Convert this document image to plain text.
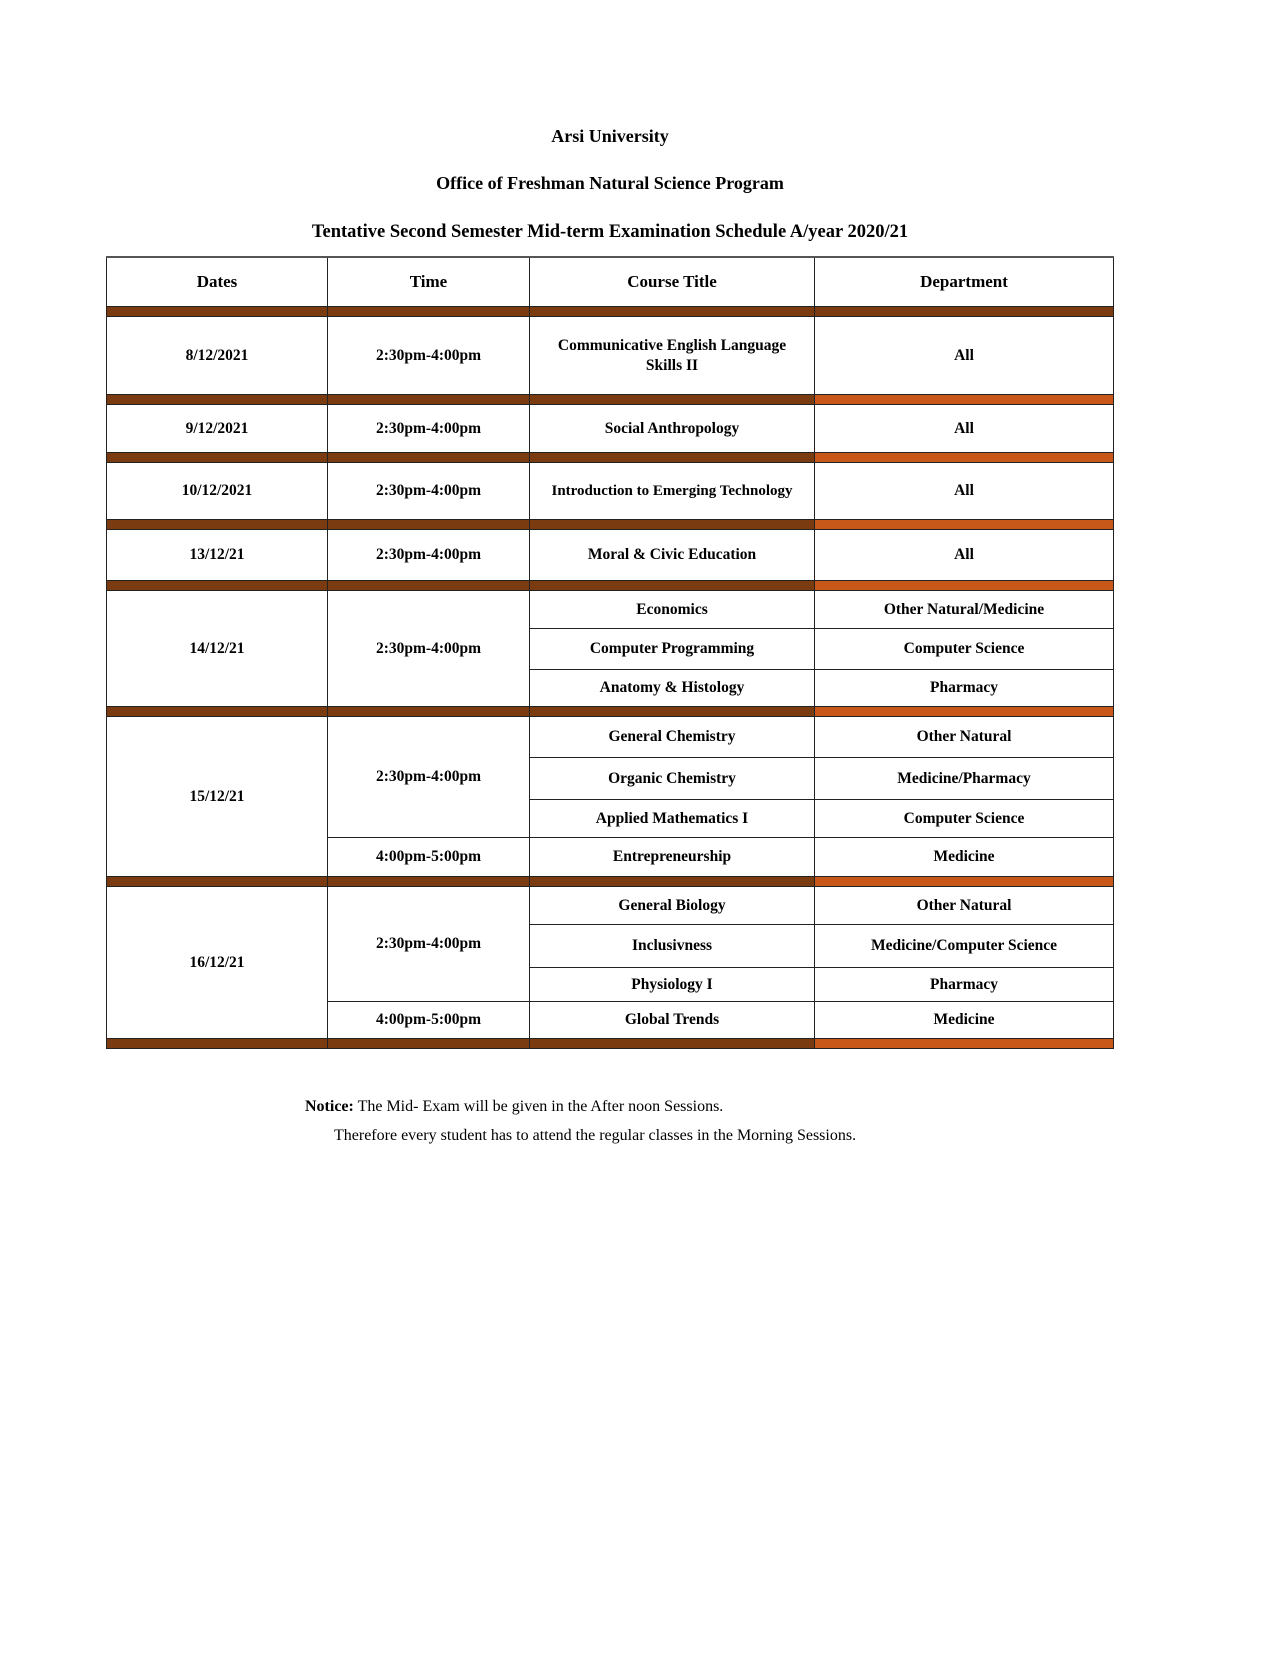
Arsi University
Office of Freshman Natural Science Program
Tentative Second Semester Mid-term Examination Schedule A/year 2020/21
Dates	Time	Course Title	Department

8/12/2021	2:30pm-4:00pm	Communicative English Language Skills II	All

9/12/2021	2:30pm-4:00pm	Social Anthropology	All

10/12/2021	2:30pm-4:00pm	Introduction to Emerging Technology	All

13/12/21	2:30pm-4:00pm	Moral & Civic Education	All

14/12/21	2:30pm-4:00pm	Economics	Other Natural/Medicine
		Computer Programming	Computer Science
		Anatomy & Histology	Pharmacy

15/12/21	2:30pm-4:00pm	General Chemistry	Other Natural
		Organic Chemistry	Medicine/Pharmacy
		Applied Mathematics I	Computer Science
	4:00pm-5:00pm	Entrepreneurship	Medicine

16/12/21	2:30pm-4:00pm	General Biology	Other Natural
		Inclusivness	Medicine/Computer Science
		Physiology I	Pharmacy
	4:00pm-5:00pm	Global Trends	Medicine

Notice: The Mid- Exam will be given in the After noon Sessions.
Therefore every student has to attend the regular classes in the Morning Sessions.
